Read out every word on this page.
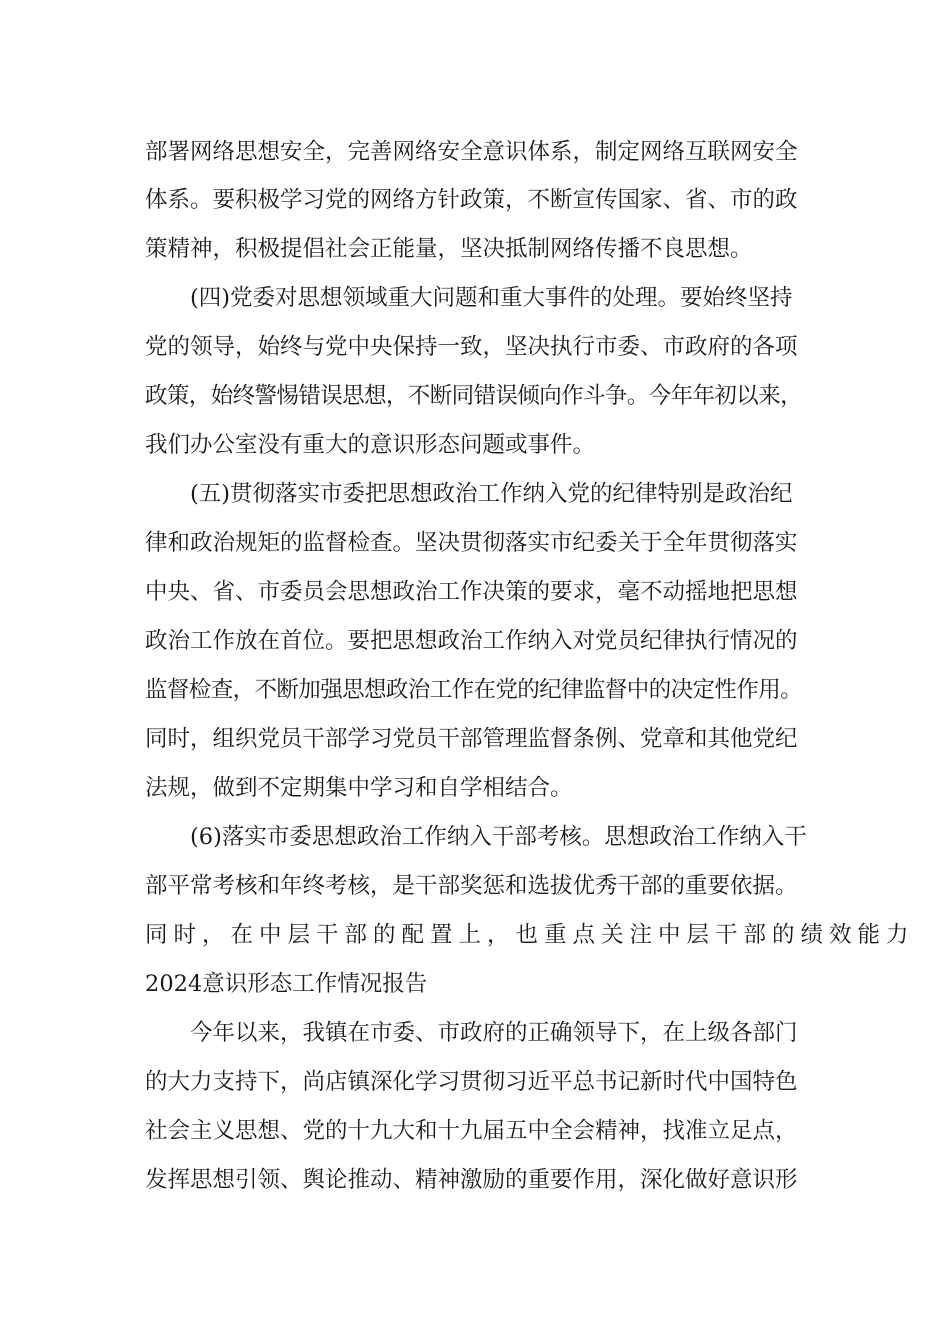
部署网络思想安全，完善网络安全意识体系，制定网络互联网安全
体系。要积极学习党的网络方针政策，不断宣传国家、省、市的政
策精神，积极提倡社会正能量，坚决抵制网络传播不良思想。
(四)党委对思想领域重大问题和重大事件的处理。要始终坚持
党的领导，始终与党中央保持一致，坚决执行市委、市政府的各项
政策，始终警惕错误思想，不断同错误倾向作斗争。今年年初以来，
我们办公室没有重大的意识形态问题或事件。
(五)贯彻落实市委把思想政治工作纳入党的纪律特别是政治纪
律和政治规矩的监督检查。坚决贯彻落实市纪委关于全年贯彻落实
中央、省、市委员会思想政治工作决策的要求，毫不动摇地把思想
政治工作放在首位。要把思想政治工作纳入对党员纪律执行情况的
监督检查，不断加强思想政治工作在党的纪律监督中的决定性作用。
同时，组织党员干部学习党员干部管理监督条例、党章和其他党纪
法规，做到不定期集中学习和自学相结合。
(6)落实市委思想政治工作纳入干部考核。思想政治工作纳入干
部平常考核和年终考核，是干部奖惩和选拔优秀干部的重要依据。
同时，在中层干部的配置上，也重点关注中层干部的绩效能力
2024意识形态工作情况报告
今年以来，我镇在市委、市政府的正确领导下，在上级各部门
的大力支持下，尚店镇深化学习贯彻习近平总书记新时代中国特色
社会主义思想、党的十九大和十九届五中全会精神，找准立足点，
发挥思想引领、舆论推动、精神激励的重要作用，深化做好意识形
